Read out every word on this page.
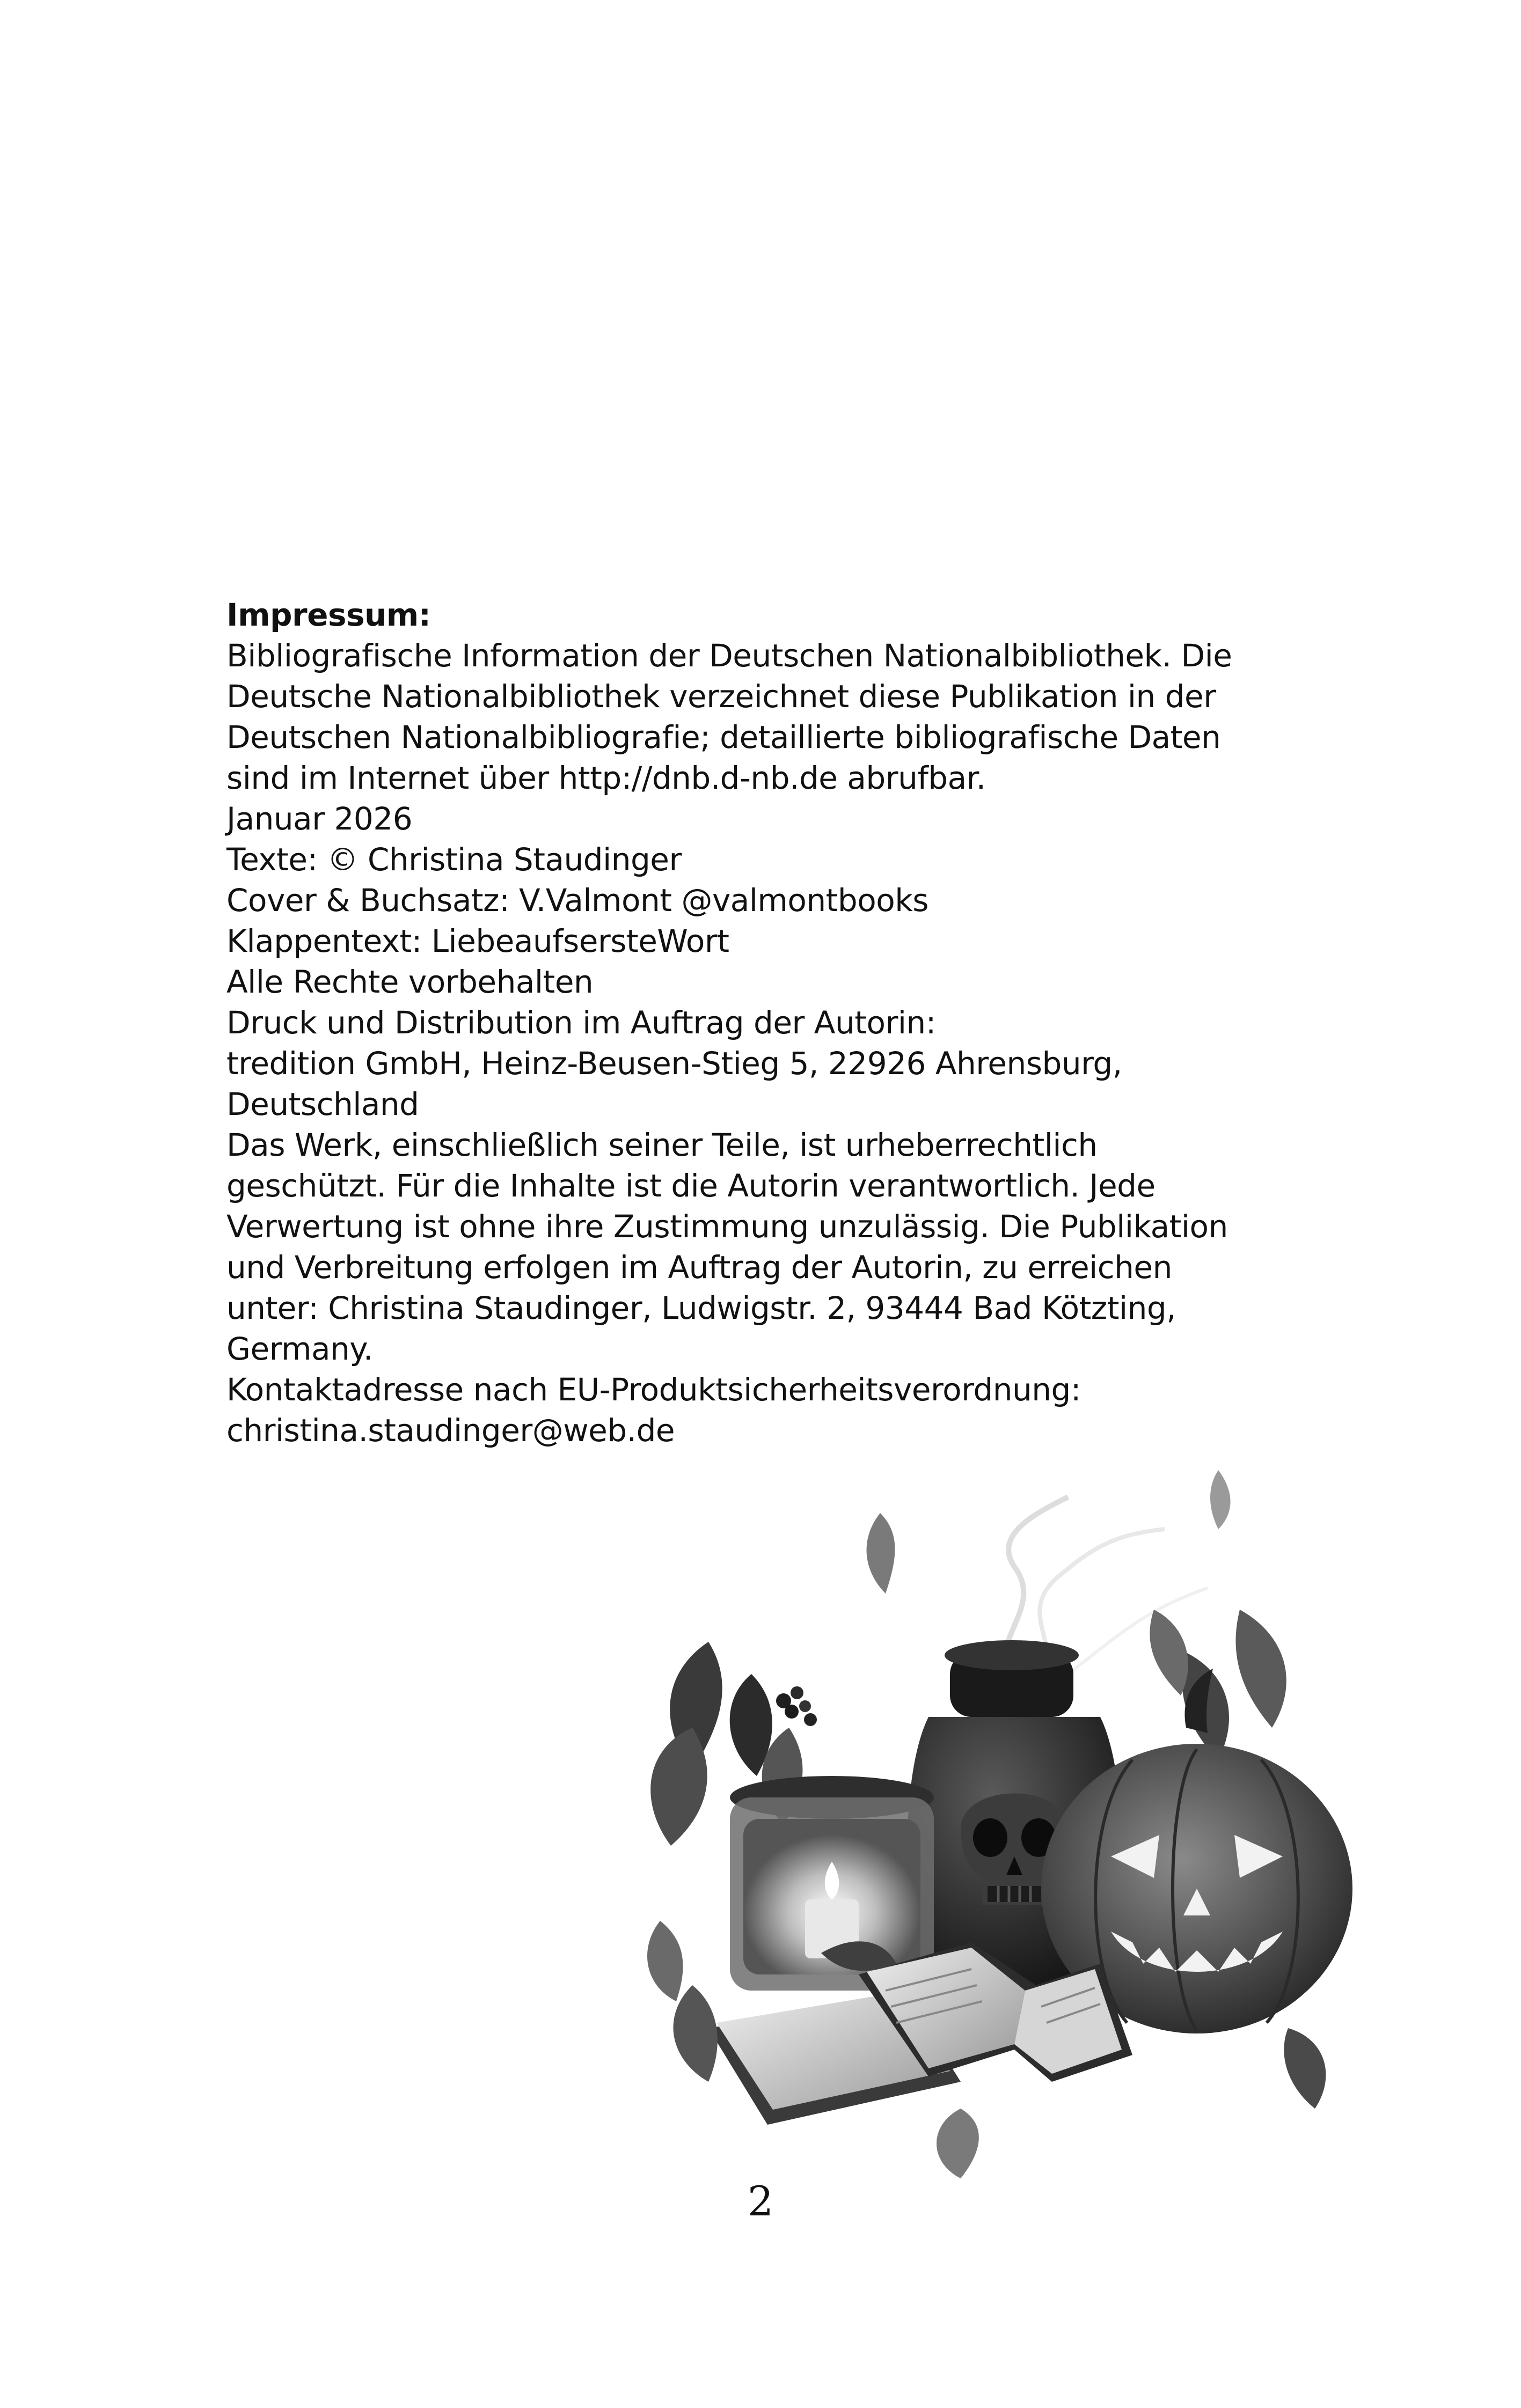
Impressum:
Bibliografische Information der Deutschen Nationalbibliothek. Die
Deutsche Nationalbibliothek verzeichnet diese Publikation in der
Deutschen Nationalbibliografie; detaillierte bibliografische Daten
sind im Internet über http://dnb.d-nb.de abrufbar.
Januar 2026
Texte: © Christina Staudinger
Cover & Buchsatz: V.Valmont @valmontbooks
Klappentext: LiebeaufsersteWort
Alle Rechte vorbehalten
Druck und Distribution im Auftrag der Autorin:
tredition GmbH, Heinz-Beusen-Stieg 5, 22926 Ahrensburg,
Deutschland
Das Werk, einschließlich seiner Teile, ist urheberrechtlich
geschützt. Für die Inhalte ist die Autorin verantwortlich. Jede
Verwertung ist ohne ihre Zustimmung unzulässig. Die Publikation
und Verbreitung erfolgen im Auftrag der Autorin, zu erreichen
unter: Christina Staudinger, Ludwigstr. 2, 93444 Bad Kötzting,
Germany.
Kontaktadresse nach EU-Produktsicherheitsverordnung:
christina.staudinger@web.de
2
